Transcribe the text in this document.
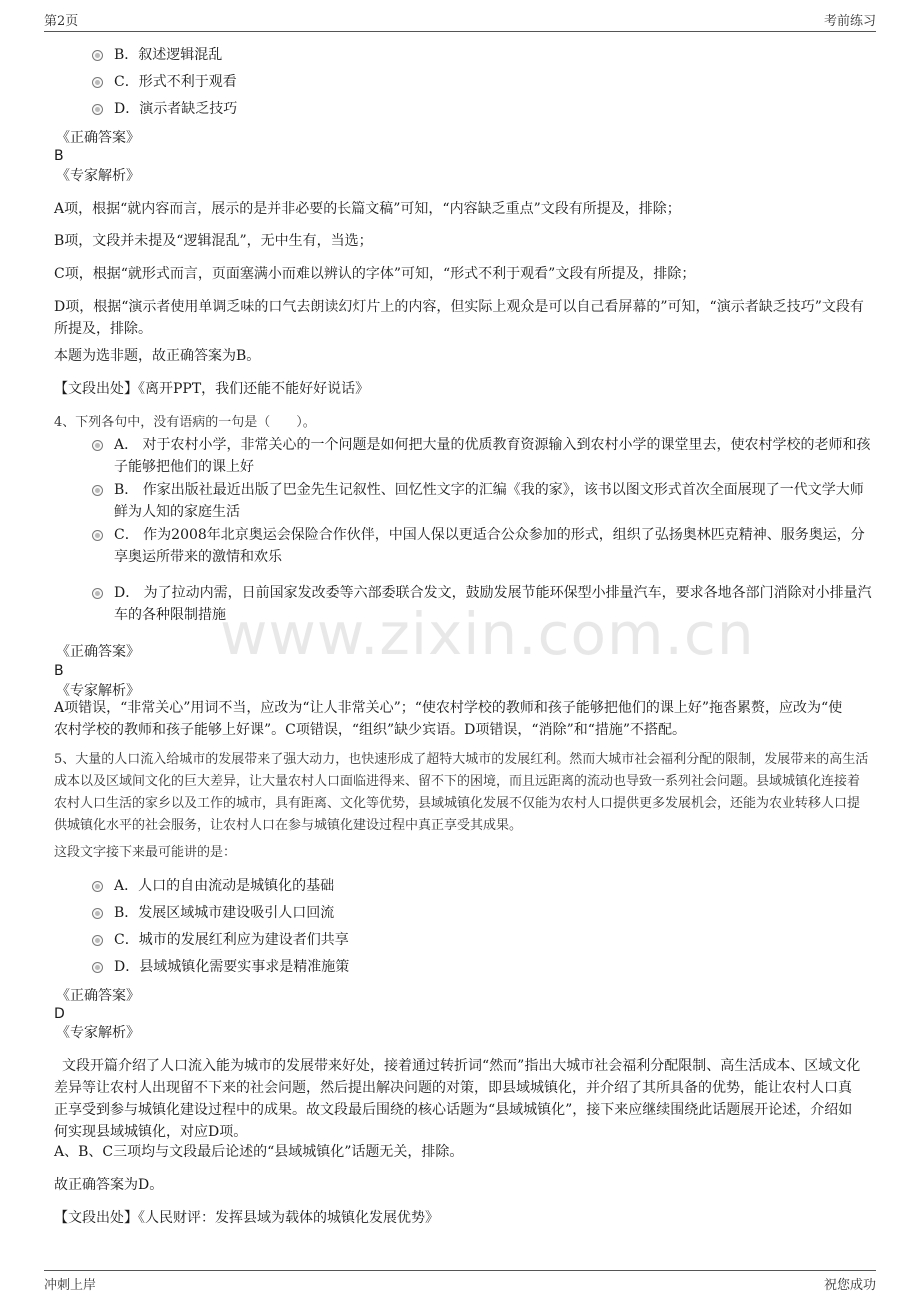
第2页	考前练习
www.zixin.com.cn
B．叙述逻辑混乱
C．形式不利于观看
D．演示者缺乏技巧
《正确答案》
B
《专家解析》
A项，根据“就内容而言，展示的是并非必要的长篇文稿”可知，“内容缺乏重点”文段有所提及，排除；
B项，文段并未提及“逻辑混乱”，无中生有，当选；
C项，根据“就形式而言，页面塞满小而难以辨认的字体”可知，“形式不利于观看”文段有所提及，排除；
D项，根据“演示者使用单调乏味的口气去朗读幻灯片上的内容，但实际上观众是可以自己看屏幕的”可知，“演示者缺乏技巧”文段有所提及，排除。
本题为选非题，故正确答案为B。
【文段出处】《离开PPT，我们还能不能好好说话》
4、下列各句中，没有语病的一句是（　　）。
A． 对于农村小学，非常关心的一个问题是如何把大量的优质教育资源输入到农村小学的课堂里去，使农村学校的老师和孩子能够把他们的课上好
B． 作家出版社最近出版了巴金先生记叙性、回忆性文字的汇编《我的家》，该书以图文形式首次全面展现了一代文学大师鲜为人知的家庭生活
C． 作为2008年北京奥运会保险合作伙伴，中国人保以更适合公众参加的形式，组织了弘扬奥林匹克精神、服务奥运，分享奥运所带来的激情和欢乐
D． 为了拉动内需，日前国家发改委等六部委联合发文，鼓励发展节能环保型小排量汽车，要求各地各部门消除对小排量汽车的各种限制措施
《正确答案》
B
《专家解析》
A项错误，“非常关心”用词不当，应改为“让人非常关心”；“使农村学校的教师和孩子能够把他们的课上好”拖沓累赘，应改为“使农村学校的教师和孩子能够上好课”。C项错误，“组织”缺少宾语。D项错误，“消除”和“措施”不搭配。
5、大量的人口流入给城市的发展带来了强大动力，也快速形成了超特大城市的发展红利。然而大城市社会福利分配的限制，发展带来的高生活成本以及区域间文化的巨大差异，让大量农村人口面临进得来、留不下的困境，而且远距离的流动也导致一系列社会问题。县域城镇化连接着农村人口生活的家乡以及工作的城市，具有距离、文化等优势，县域城镇化发展不仅能为农村人口提供更多发展机会，还能为农业转移人口提供城镇化水平的社会服务，让农村人口在参与城镇化建设过程中真正享受其成果。
这段文字接下来最可能讲的是：
A．人口的自由流动是城镇化的基础
B．发展区域城市建设吸引人口回流
C．城市的发展红利应为建设者们共享
D．县域城镇化需要实事求是精准施策
《正确答案》
D
《专家解析》
文段开篇介绍了人口流入能为城市的发展带来好处，接着通过转折词“然而”指出大城市社会福利分配限制、高生活成本、区域文化差异等让农村人出现留不下来的社会问题，然后提出解决问题的对策，即县域城镇化，并介绍了其所具备的优势，能让农村人口真正享受到参与城镇化建设过程中的成果。故文段最后围绕的核心话题为“县域城镇化”，接下来应继续围绕此话题展开论述，介绍如何实现县域城镇化，对应D项。
A、B、C三项均与文段最后论述的“县域城镇化”话题无关，排除。
故正确答案为D。
【文段出处】《人民财评：发挥县域为载体的城镇化发展优势》
冲刺上岸	祝您成功
